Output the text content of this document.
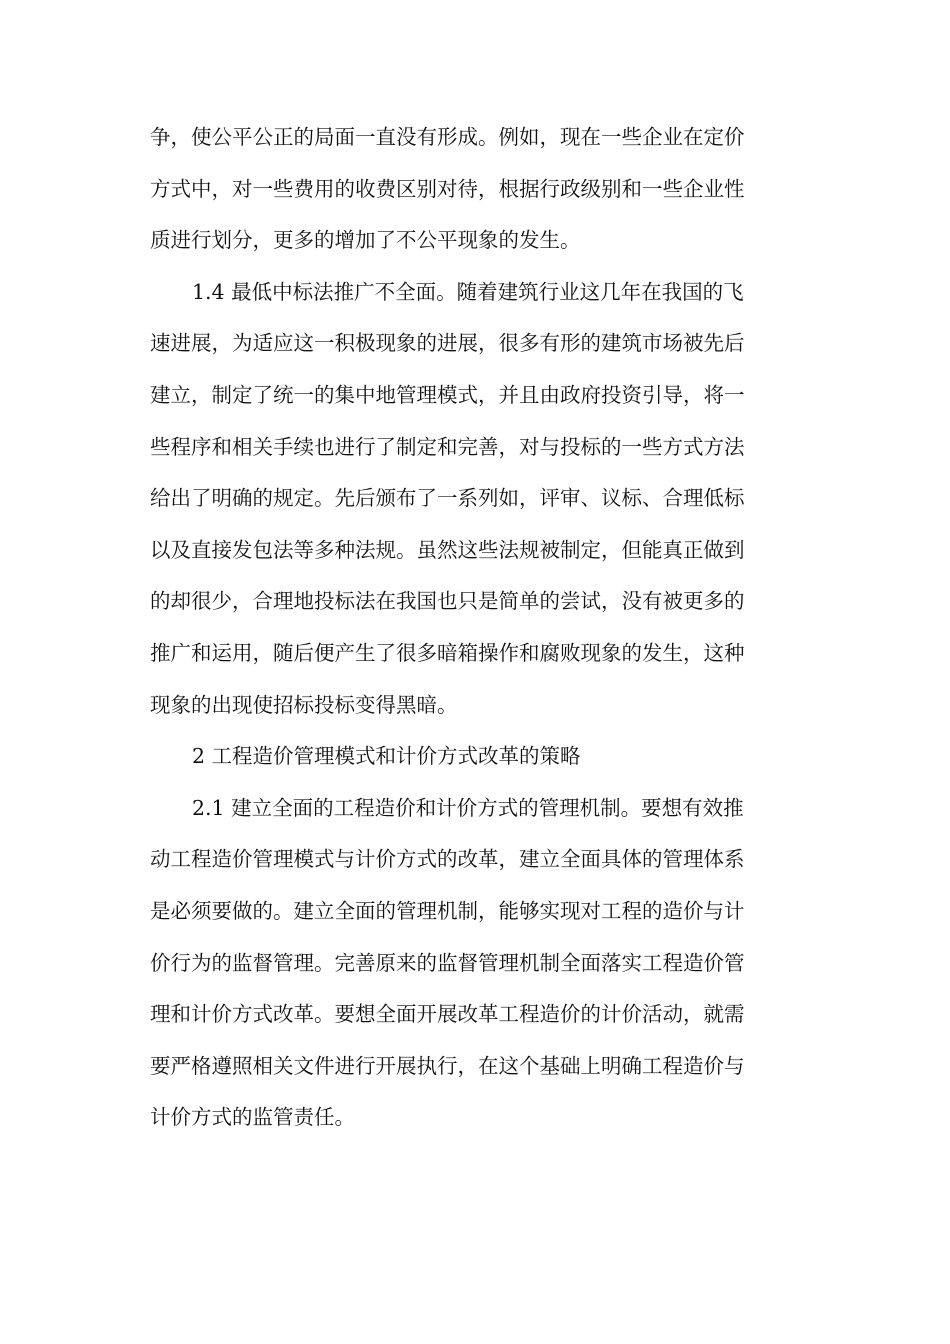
争，使公平公正的局面一直没有形成。例如，现在一些企业在定价
方式中，对一些费用的收费区别对待，根据行政级别和一些企业性
质进行划分，更多的增加了不公平现象的发生。
1.4 最低中标法推广不全面。随着建筑行业这几年在我国的飞
速进展，为适应这一积极现象的进展，很多有形的建筑市场被先后
建立，制定了统一的集中地管理模式，并且由政府投资引导，将一
些程序和相关手续也进行了制定和完善，对与投标的一些方式方法
给出了明确的规定。先后颁布了一系列如，评审、议标、合理低标
以及直接发包法等多种法规。虽然这些法规被制定，但能真正做到
的却很少，合理地投标法在我国也只是简单的尝试，没有被更多的
推广和运用，随后便产生了很多暗箱操作和腐败现象的发生，这种
现象的出现使招标投标变得黑暗。
2 工程造价管理模式和计价方式改革的策略
2.1 建立全面的工程造价和计价方式的管理机制。要想有效推
动工程造价管理模式与计价方式的改革，建立全面具体的管理体系
是必须要做的。建立全面的管理机制，能够实现对工程的造价与计
价行为的监督管理。完善原来的监督管理机制全面落实工程造价管
理和计价方式改革。要想全面开展改革工程造价的计价活动，就需
要严格遵照相关文件进行开展执行，在这个基础上明确工程造价与
计价方式的监管责任。
